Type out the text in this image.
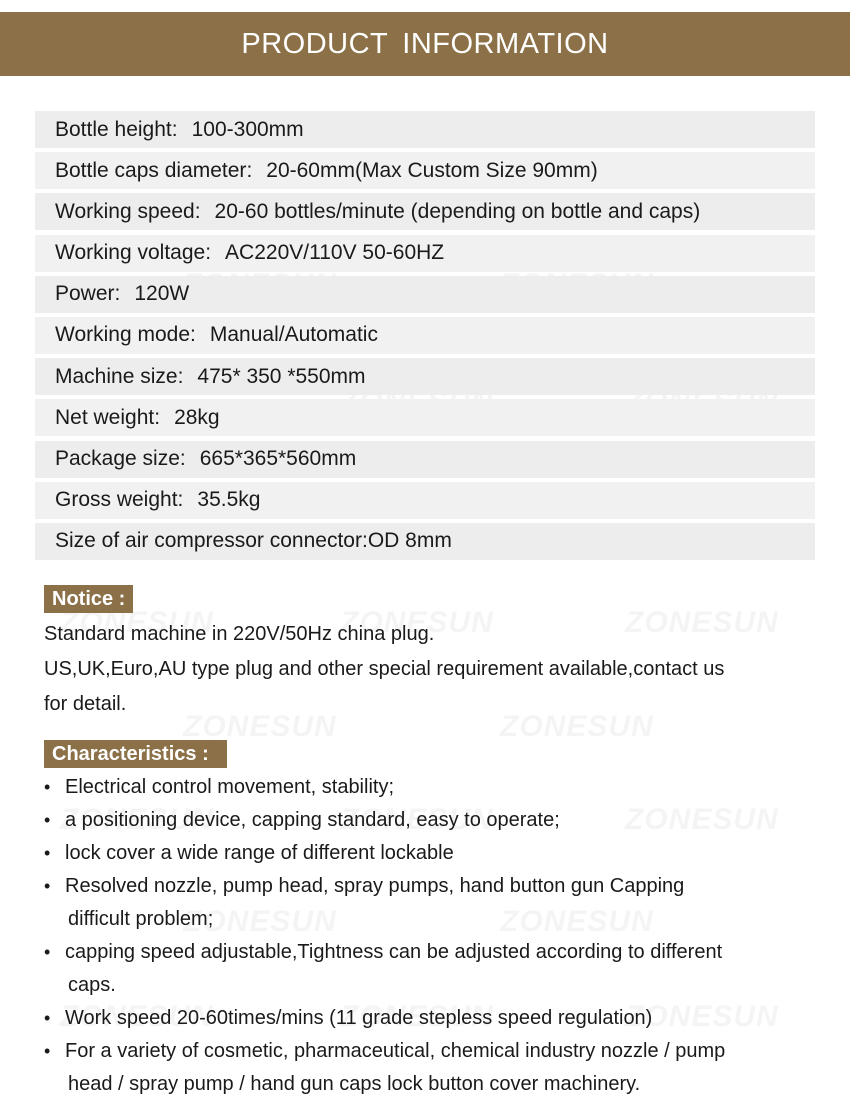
PRODUCT INFORMATION
Bottle height : 100-300mm
Bottle caps diameter : 20-60mm(Max Custom Size 90mm)
Working speed : 20-60 bottles/minute (depending on bottle and caps)
Working voltage : AC220V/110V 50-60HZ
Power : 120W
Working mode : Manual/Automatic
Machine size : 475* 350 *550mm
Net weight : 28kg
Package size : 665*365*560mm
Gross weight : 35.5kg
Size of air compressor connector : OD 8mm
Notice :
Standard machine in 220V/50Hz china plug.
US,UK,Euro,AU type plug and other special requirement available,contact us
for detail.
Characteristics :
• Electrical control movement, stability;
• a positioning device, capping standard, easy to operate;
• lock cover a wide range of different lockable
• Resolved nozzle, pump head, spray pumps, hand button gun Capping
difficult problem;
• capping speed adjustable,Tightness can be adjusted according to different
caps.
• Work speed 20-60times/mins (11 grade stepless speed regulation)
• For a variety of cosmetic, pharmaceutical, chemical industry nozzle / pump
head / spray pump / hand gun caps lock button cover machinery.
